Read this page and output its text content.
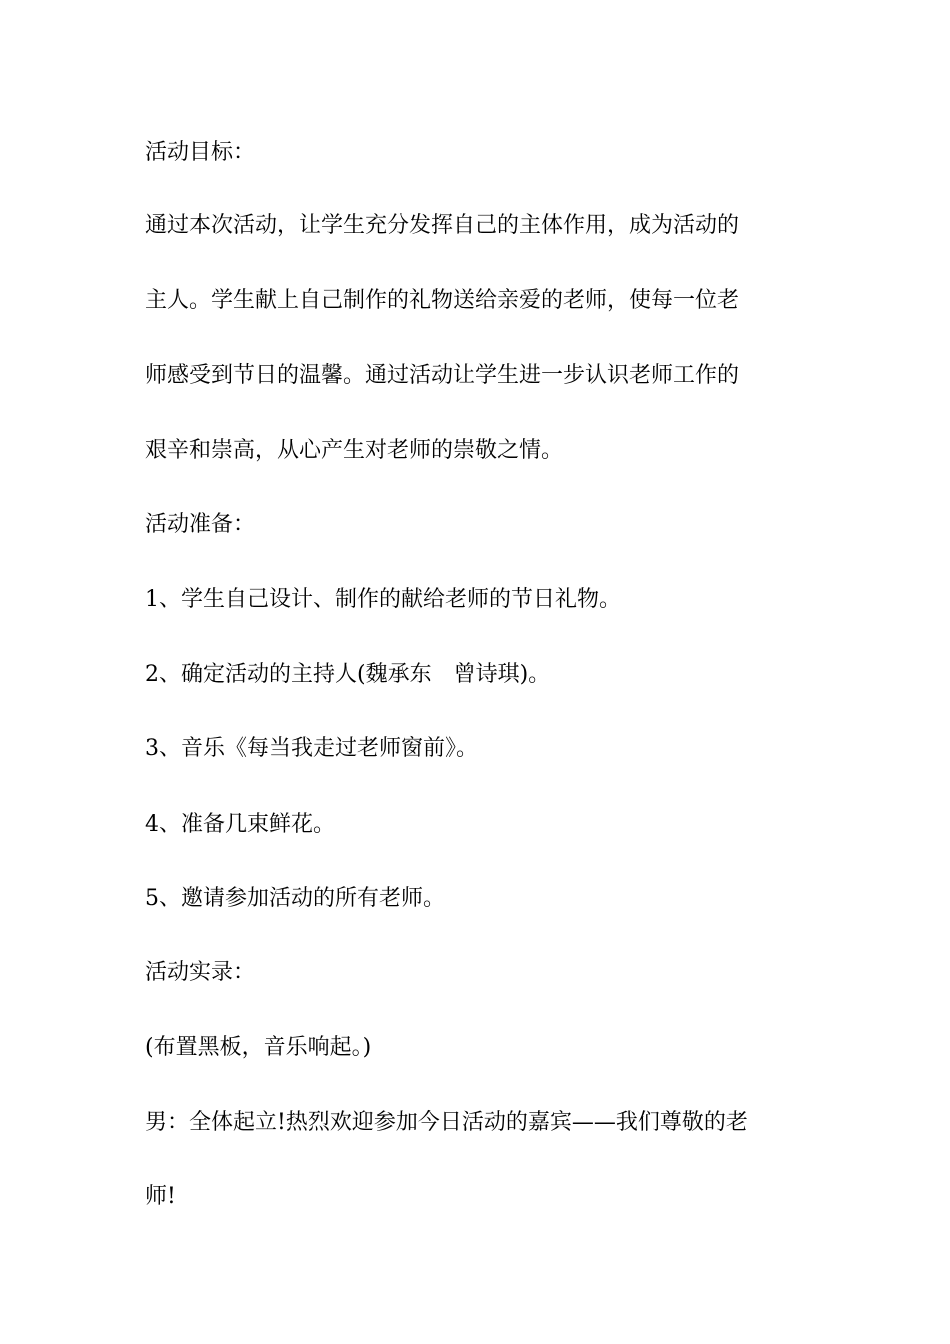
活动目标：
通过本次活动，让学生充分发挥自己的主体作用，成为活动的
主人。学生献上自己制作的礼物送给亲爱的老师，使每一位老
师感受到节日的温馨。通过活动让学生进一步认识老师工作的
艰辛和崇高，从心产生对老师的崇敬之情。
活动准备：
1、学生自己设计、制作的献给老师的节日礼物。
2、确定活动的主持人(魏承东　曾诗琪)。
3、音乐《每当我走过老师窗前》。
4、准备几束鲜花。
5、邀请参加活动的所有老师。
活动实录：
(布置黑板，音乐响起。)
男：全体起立!热烈欢迎参加今日活动的嘉宾——我们尊敬的老
师!
